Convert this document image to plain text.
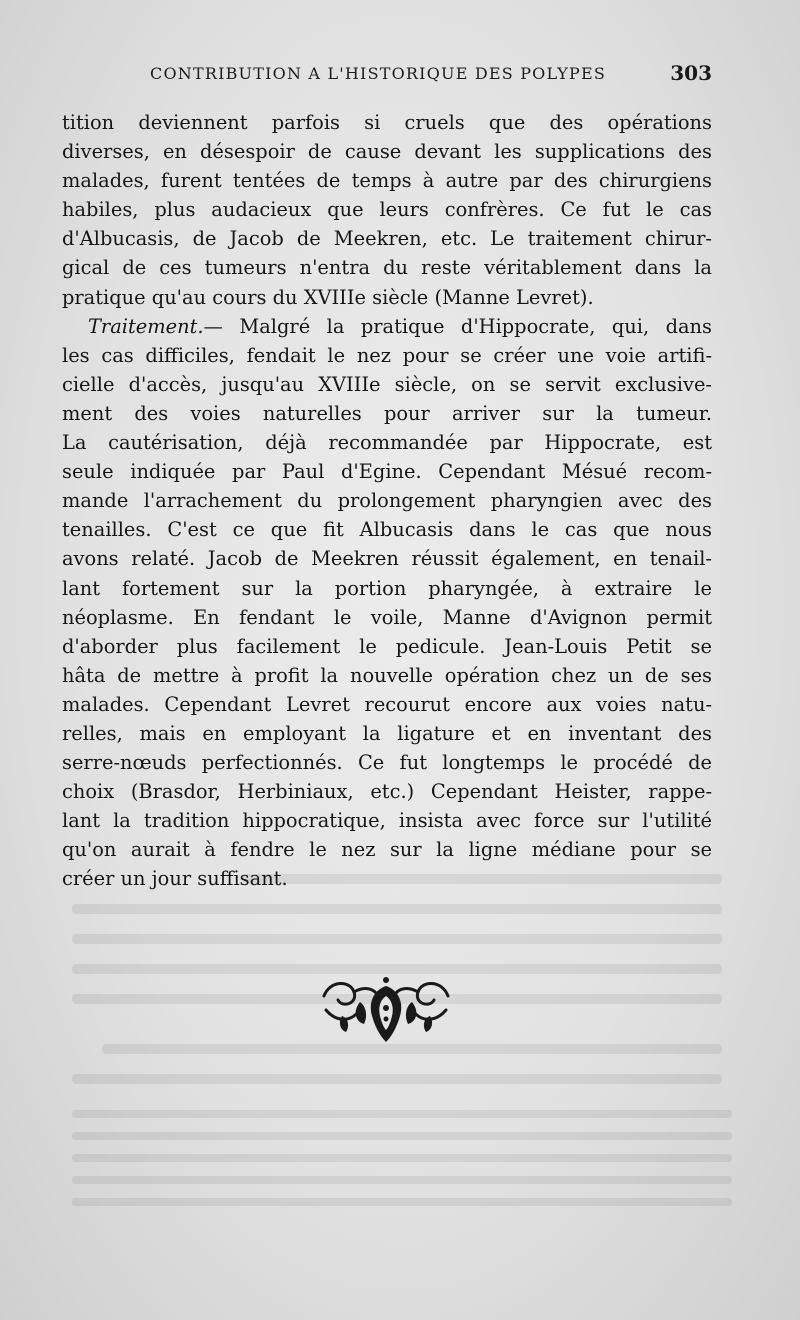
CONTRIBUTION A L'HISTORIQUE DES POLYPES	303
tition deviennent parfois si cruels que des opérations
diverses, en désespoir de cause devant les supplications des
malades, furent tentées de temps à autre par des chirurgiens
habiles, plus audacieux que leurs confrères. Ce fut le cas
d'Albucasis, de Jacob de Meekren, etc. Le traitement chirur-
gical de ces tumeurs n'entra du reste véritablement dans la
pratique qu'au cours du XVIIIe siècle (Manne Levret).
Traitement.— Malgré la pratique d'Hippocrate, qui, dans
les cas difficiles, fendait le nez pour se créer une voie artifi-
cielle d'accès, jusqu'au XVIIIe siècle, on se servit exclusive-
ment des voies naturelles pour arriver sur la tumeur.
La cautérisation, déjà recommandée par Hippocrate, est
seule indiquée par Paul d'Egine. Cependant Mésué recom-
mande l'arrachement du prolongement pharyngien avec des
tenailles. C'est ce que fit Albucasis dans le cas que nous
avons relaté. Jacob de Meekren réussit également, en tenail-
lant fortement sur la portion pharyngée, à extraire le
néoplasme. En fendant le voile, Manne d'Avignon permit
d'aborder plus facilement le pedicule. Jean-Louis Petit se
hâta de mettre à profit la nouvelle opération chez un de ses
malades. Cependant Levret recourut encore aux voies natu-
relles, mais en employant la ligature et en inventant des
serre-nœuds perfectionnés. Ce fut longtemps le procédé de
choix (Brasdor, Herbiniaux, etc.) Cependant Heister, rappe-
lant la tradition hippocratique, insista avec force sur l'utilité
qu'on aurait à fendre le nez sur la ligne médiane pour se
créer un jour suffisant.
